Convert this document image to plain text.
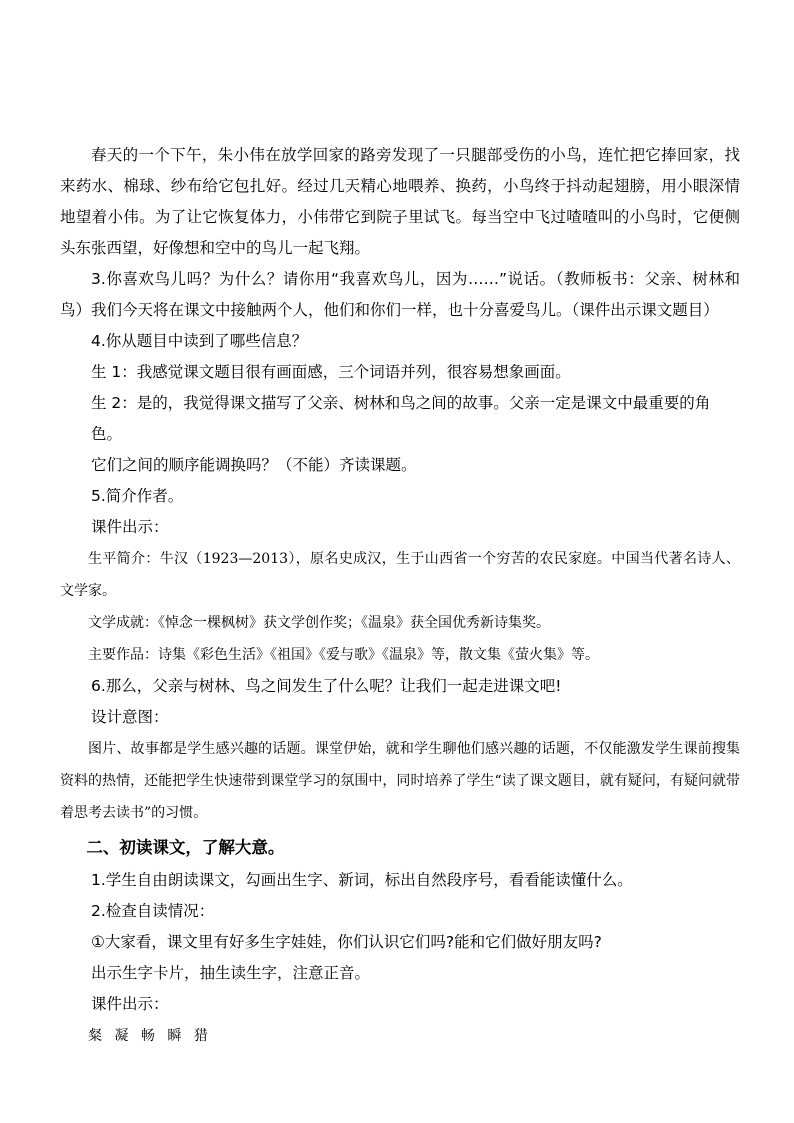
春天的一个下午，朱小伟在放学回家的路旁发现了一只腿部受伤的小鸟，连忙把它捧回家，找来药水、棉球、纱布给它包扎好。经过几天精心地喂养、换药，小鸟终于抖动起翅膀，用小眼深情地望着小伟。为了让它恢复体力，小伟带它到院子里试飞。每当空中飞过喳喳叫的小鸟时，它便侧头东张西望，好像想和空中的鸟儿一起飞翔。

3.你喜欢鸟儿吗？为什么？请你用“我喜欢鸟儿，因为……”说话。（教师板书：父亲、树林和鸟）我们今天将在课文中接触两个人，他们和你们一样，也十分喜爱鸟儿。（课件出示课文题目）

4.你从题目中读到了哪些信息？

生 1：我感觉课文题目很有画面感，三个词语并列，很容易想象画面。

生 2：是的，我觉得课文描写了父亲、树林和鸟之间的故事。父亲一定是课文中最重要的角色。

它们之间的顺序能调换吗？（不能）齐读课题。

5.简介作者。

课件出示：

生平简介：牛汉（1923—2013），原名史成汉，生于山西省一个穷苦的农民家庭。中国当代著名诗人、文学家。

文学成就：《悼念一棵枫树》获文学创作奖；《温泉》获全国优秀新诗集奖。

主要作品：诗集《彩色生活》《祖国》《爱与歌》《温泉》等，散文集《萤火集》等。

6.那么，父亲与树林、鸟之间发生了什么呢？让我们一起走进课文吧!

设计意图：

图片、故事都是学生感兴趣的话题。课堂伊始，就和学生聊他们感兴趣的话题，不仅能激发学生课前搜集资料的热情，还能把学生快速带到课堂学习的氛围中，同时培养了学生“读了课文题目，就有疑问，有疑问就带着思考去读书”的习惯。

二、初读课文，了解大意。

1.学生自由朗读课文，勾画出生字、新词，标出自然段序号，看看能读懂什么。

2.检查自读情况：

①大家看，课文里有好多生字娃娃，你们认识它们吗?能和它们做好朋友吗?

出示生字卡片，抽生读生字，注意正音。

课件出示：

粲 凝 畅 瞬 猎
